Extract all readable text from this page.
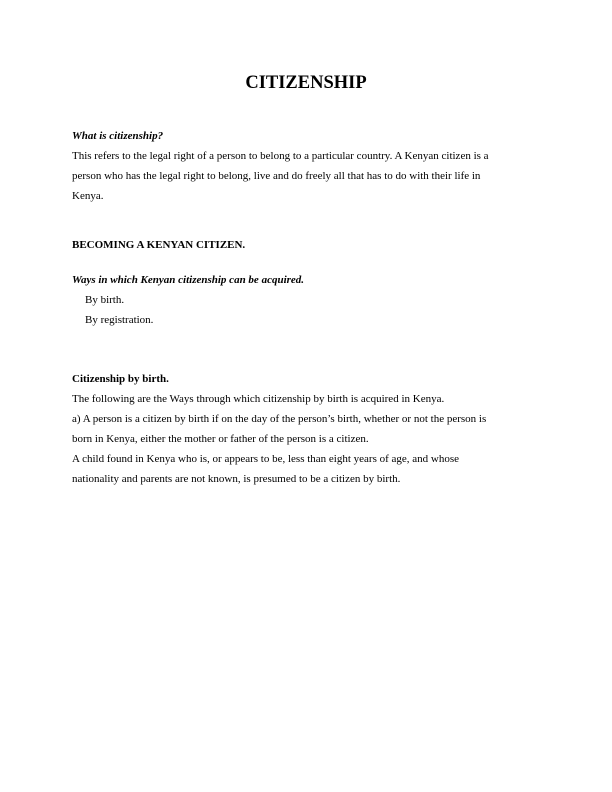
CITIZENSHIP
What is citizenship?
This refers to the legal right of a person to belong to a particular country. A Kenyan citizen is a
person who has the legal right to belong, live and do freely all that has to do with their life in
Kenya.
BECOMING A KENYAN CITIZEN.
Ways in which Kenyan citizenship can be acquired.
By birth.
By registration.
Citizenship by birth.
The following are the Ways through which citizenship by birth is acquired in Kenya.
a) A person is a citizen by birth if on the day of the person’s birth, whether or not the person is
born in Kenya, either the mother or father of the person is a citizen.
A child found in Kenya who is, or appears to be, less than eight years of age, and whose
nationality and parents are not known, is presumed to be a citizen by birth.
